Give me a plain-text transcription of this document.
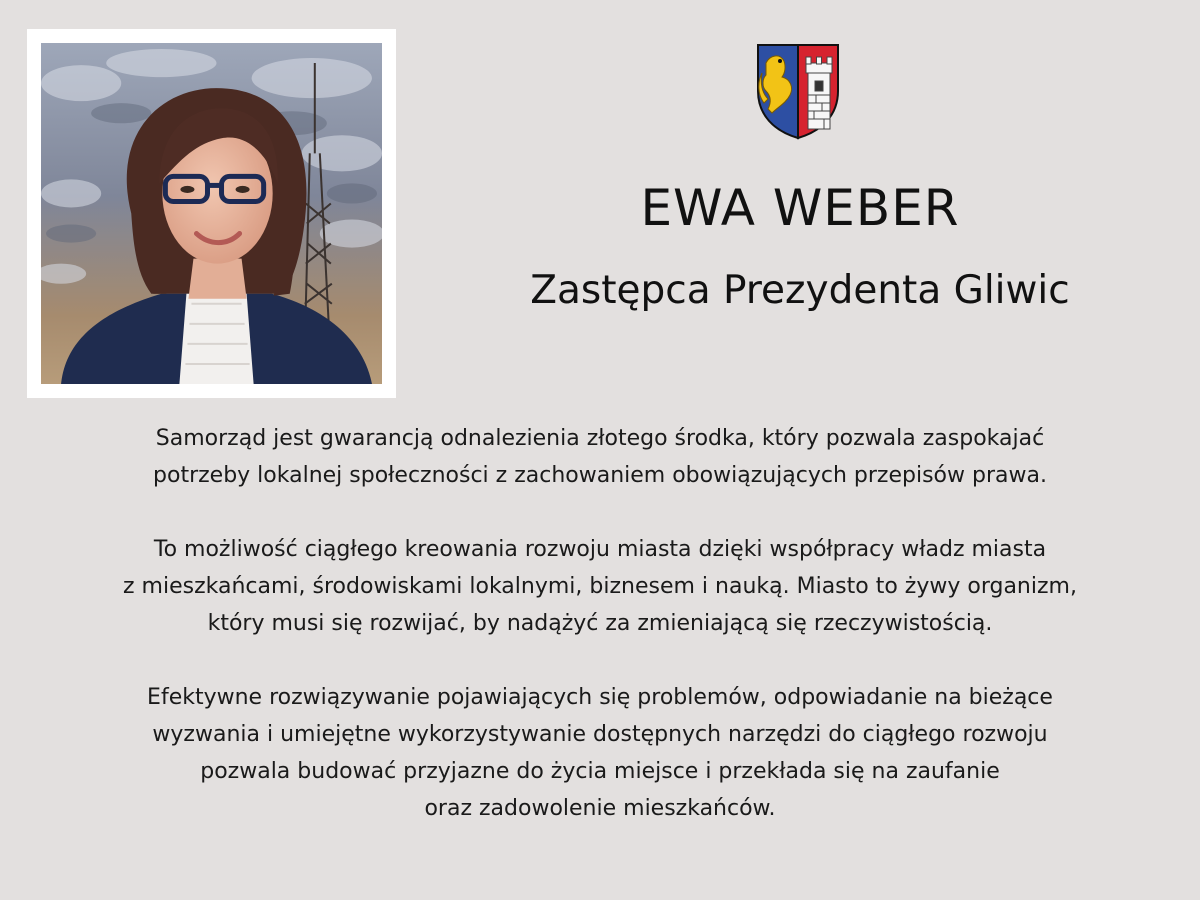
EWA WEBER
Zastępca Prezydenta Gliwic

Samorząd jest gwarancją odnalezienia złotego środka, który pozwala zaspokajać
potrzeby lokalnej społeczności z zachowaniem obowiązujących przepisów prawa.

To możliwość ciągłego kreowania rozwoju miasta dzięki współpracy władz miasta
z mieszkańcami, środowiskami lokalnymi, biznesem i nauką. Miasto to żywy organizm,
który musi się rozwijać, by nadążyć za zmieniającą się rzeczywistością.

Efektywne rozwiązywanie pojawiających się problemów, odpowiadanie na bieżące
wyzwania i umiejętne wykorzystywanie dostępnych narzędzi do ciągłego rozwoju
pozwala budować przyjazne do życia miejsce i przekłada się na zaufanie
oraz zadowolenie mieszkańców.
